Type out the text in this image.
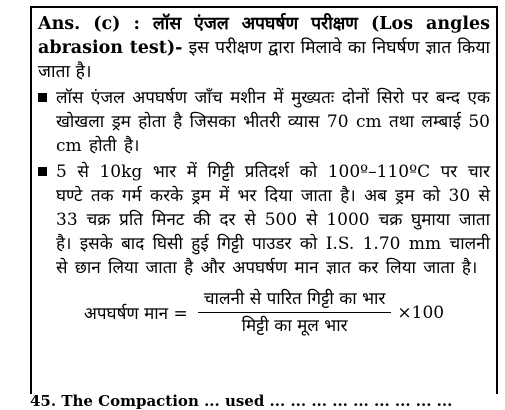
Ans. (c) : लॉस एंजल अपघर्षण परीक्षण (Los angles abrasion test)- इस परीक्षण द्वारा मिलावे का निघर्षण ज्ञात किया जाता है।

लॉस एंजल अपघर्षण जाँच मशीन में मुख्यतः दोनों सिरो पर बन्द एक खोखला ड्रम होता है जिसका भीतरी व्यास 70 cm तथा लम्बाई 50 cm होती है।
5 से 10kg भार में गिट्टी प्रतिदर्श को 100º–110ºC पर चार घण्टे तक गर्म करके ड्रम में भर दिया जाता है। अब ड्रम को 30 से 33 चक्र प्रति मिनट की दर से 500 से 1000 चक्र घुमाया जाता है। इसके बाद घिसी हुई गिट्टी पाउडर को I.S. 1.70 mm चालनी से छान लिया जाता है और अपघर्षण मान ज्ञात कर लिया जाता है।
अपघर्षण मान = $\frac{\text{चालनी से पारित गिट्टी का भार}}{\text{मिट्टी का मूल भार}} \times 100$
45. The Compaction ... used ... ... ... ... ... ... ... ... ...
